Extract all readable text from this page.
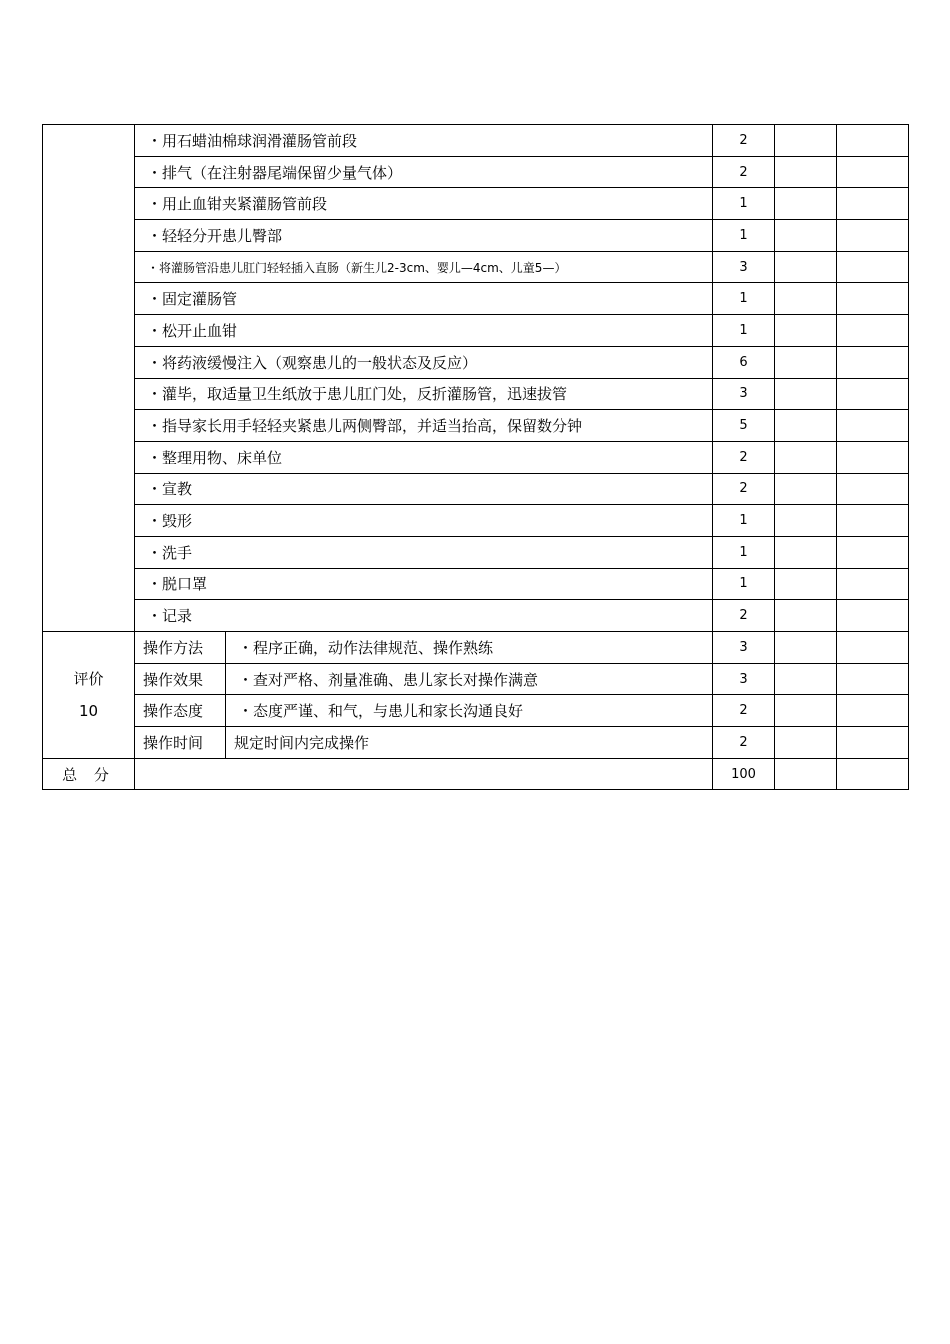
	・用石蜡油棉球润滑灌肠管前段		2		
	・排气（在注射器尾端保留少量气体）		2		
	・用止血钳夹紧灌肠管前段		1		
	・轻轻分开患儿臀部		1		
	・将灌肠管沿患儿肛门轻轻插入直肠（新生儿2-3cm、婴儿—4cm、儿童5—）		3		
	・固定灌肠管		1		
	・松开止血钳		1		
	・将药液缓慢注入（观察患儿的一般状态及反应）		6		
	・灌毕，取适量卫生纸放于患儿肛门处，反折灌肠管，迅速拔管		3		
	・指导家长用手轻轻夹紧患儿两侧臀部，并适当抬高，保留数分钟		5		
	・整理用物、床单位		2		
	・宣教		2		
	・毁形		1		
	・洗手		1		
	・脱口罩		1		
	・记录		2		

评价
10	操作方法	・程序正确，动作法律规范、操作熟练	3		
	操作效果	・查对严格、剂量准确、患儿家长对操作满意	3		
	操作态度	・态度严谨、和气，与患儿和家长沟通良好	2		
	操作时间	规定时间内完成操作	2		
总 分			100		
